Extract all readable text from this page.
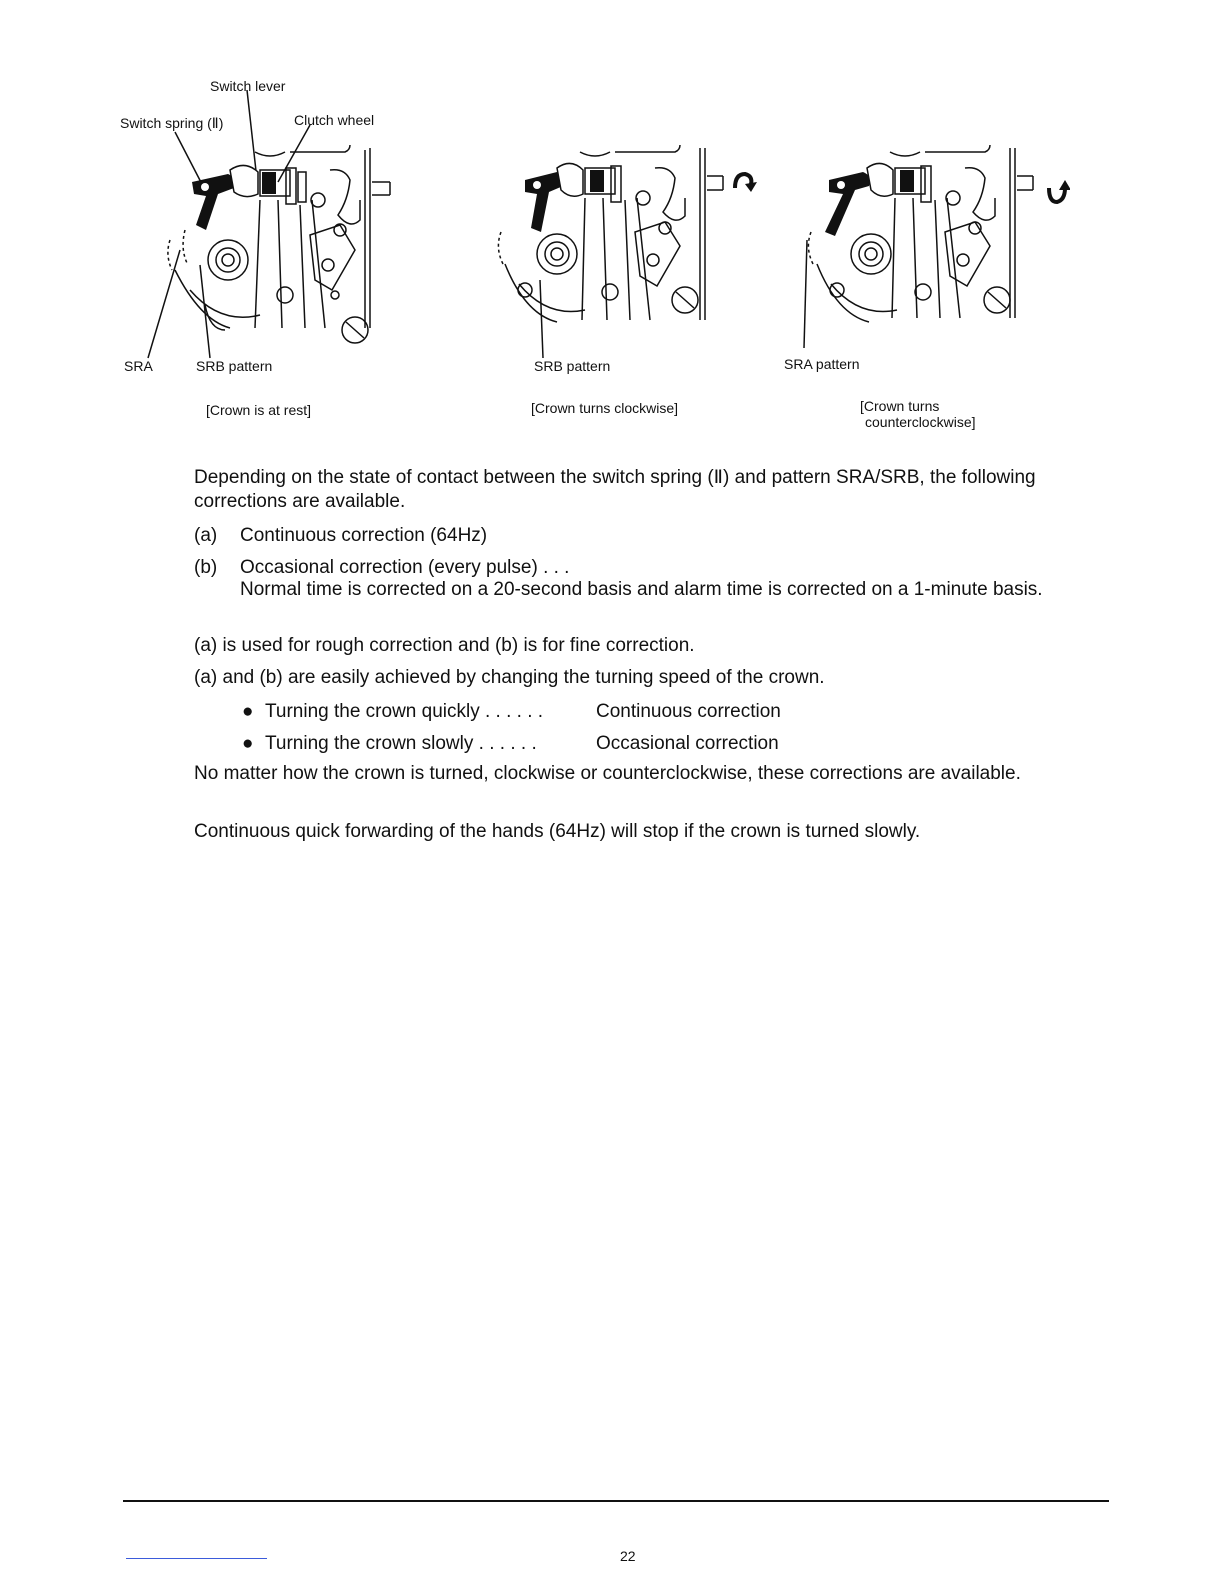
Switch lever
Switch spring (Ⅱ)	Clutch wheel
SRA	SRB pattern
[Crown is at rest]
SRB pattern
[Crown turns clockwise]
SRA pattern
[Crown turns
counterclockwise]
Depending on the state of contact between the switch spring (Ⅱ) and pattern SRA/SRB, the following corrections are available.
(a) Continuous correction (64Hz)
(b) Occasional correction (every pulse) . . .
Normal time is corrected on a 20-second basis and alarm time is corrected on a 1-minute basis.
(a) is used for rough correction and (b) is for fine correction.
(a) and (b) are easily achieved by changing the turning speed of the crown.
● Turning the crown quickly . . . . . .	Continuous correction
● Turning the crown slowly . . . . . .	Occasional correction
No matter how the crown is turned, clockwise or counterclockwise, these corrections are available.
Continuous quick forwarding of the hands (64Hz) will stop if the crown is turned slowly.
22
